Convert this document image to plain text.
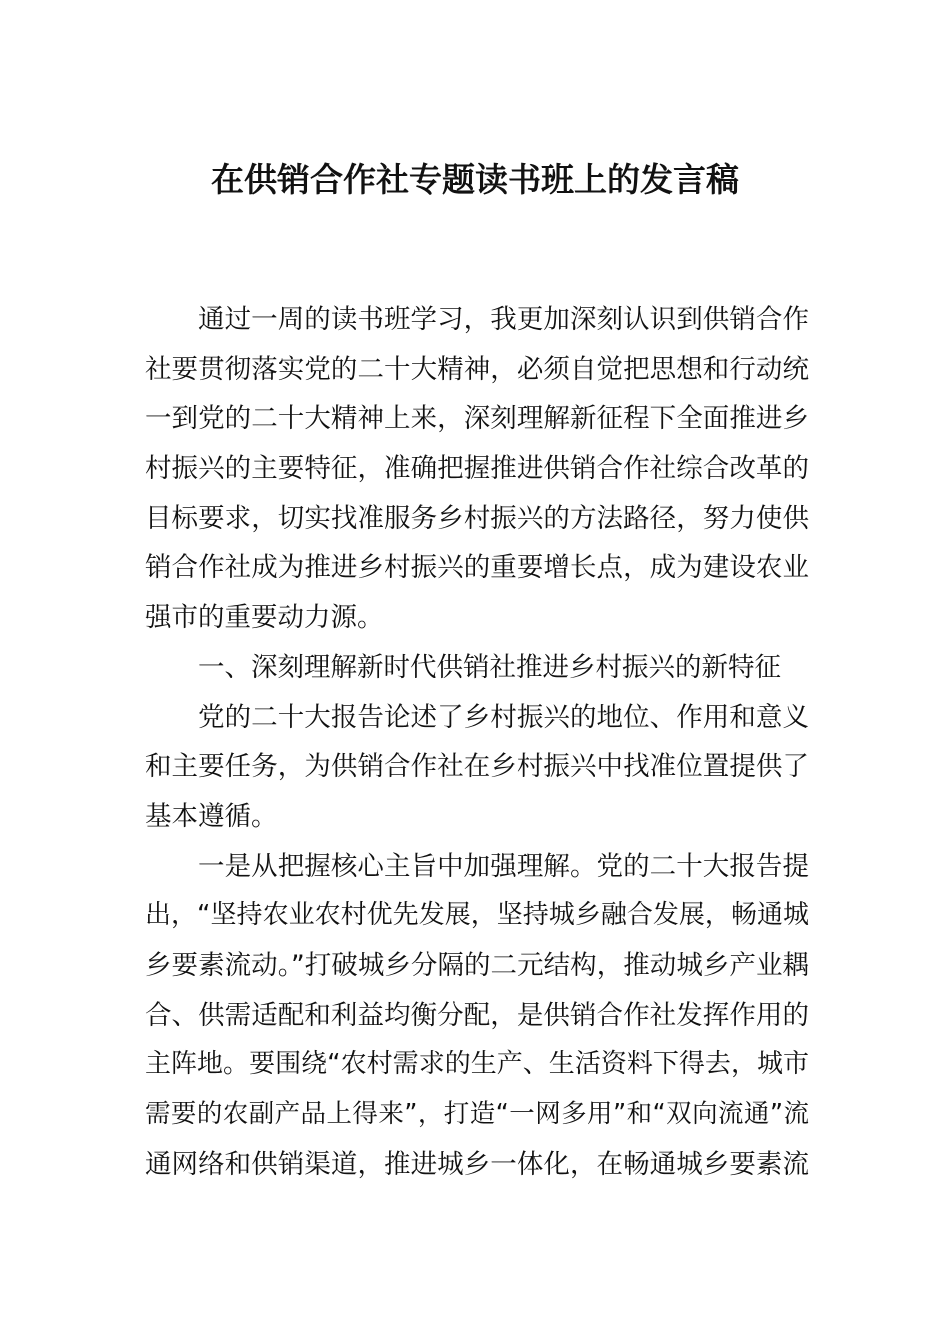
在供销合作社专题读书班上的发言稿
通过一周的读书班学习，我更加深刻认识到供销合作
社要贯彻落实党的二十大精神，必须自觉把思想和行动统
一到党的二十大精神上来，深刻理解新征程下全面推进乡
村振兴的主要特征，准确把握推进供销合作社综合改革的
目标要求，切实找准服务乡村振兴的方法路径，努力使供
销合作社成为推进乡村振兴的重要增长点，成为建设农业
强市的重要动力源。
一、深刻理解新时代供销社推进乡村振兴的新特征
党的二十大报告论述了乡村振兴的地位、作用和意义
和主要任务，为供销合作社在乡村振兴中找准位置提供了
基本遵循。
一是从把握核心主旨中加强理解。党的二十大报告提
出，“坚持农业农村优先发展，坚持城乡融合发展，畅通城
乡要素流动。”打破城乡分隔的二元结构，推动城乡产业耦
合、供需适配和利益均衡分配，是供销合作社发挥作用的
主阵地。要围绕“农村需求的生产、生活资料下得去，城市
需要的农副产品上得来”，打造“一网多用”和“双向流通”流
通网络和供销渠道，推进城乡一体化，在畅通城乡要素流
